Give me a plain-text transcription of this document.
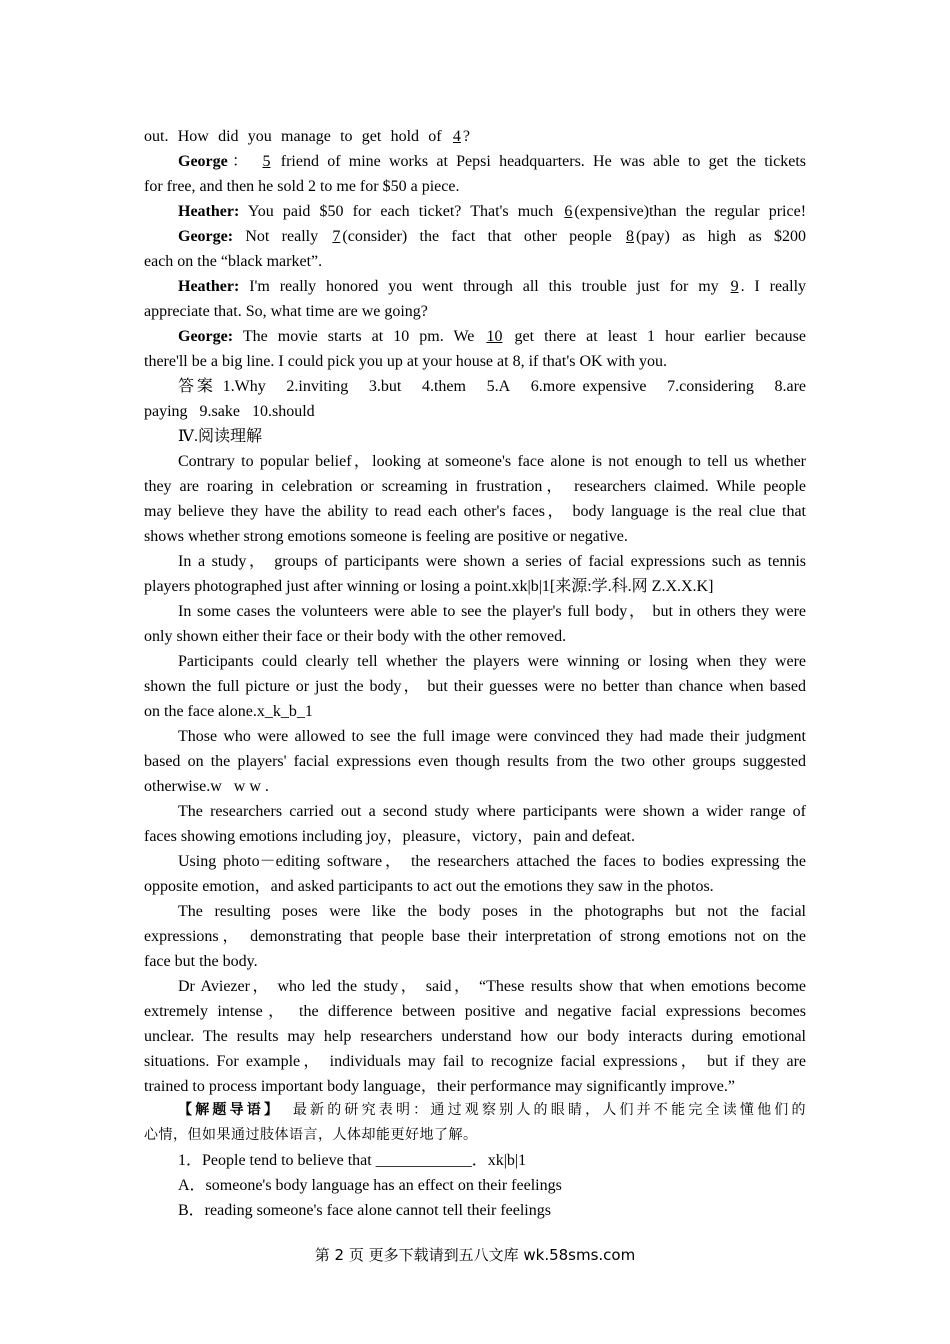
out. How did you manage to get hold of 4 ?
George： 5 friend of mine works at Pepsi headquarters. He was able to get the tickets
for free, and then he sold 2 to me for $50 a piece.
Heather: You paid $50 for each ticket? That's much 6 (expensive)than the regular price!
George: Not really 7 (consider) the fact that other people 8 (pay) as high as $200
each on the “black market”.
Heather: I'm really honored you went through all this trouble just for my 9 . I really
appreciate that. So, what time are we going?
George: The movie starts at 10 pm. We 10 get there at least 1 hour earlier because
there'll be a big line. I could pick you up at your house at 8, if that's OK with you.
答案 1.Why   2.inviting   3.but   4.them   5.A   6.more expensive   7.considering   8.are
paying   9.sake   10.should
Ⅳ.阅读理解
Contrary to popular belief，looking at someone's face alone is not enough to tell us whether
they are roaring in celebration or screaming in frustration， researchers claimed. While people
may believe they have the ability to read each other's faces， body language is the real clue that
shows whether strong emotions someone is feeling are positive or negative.
In a study， groups of participants were shown a series of facial expressions such as tennis
players photographed just after winning or losing a point.xk|b|1[来源:学.科.网 Z.X.X.K]
In some cases the volunteers were able to see the player's full body， but in others they were
only shown either their face or their body with the other removed.
Participants could clearly tell whether the players were winning or losing when they were
shown the full picture or just the body， but their guesses were no better than chance when based
on the face alone.x_k_b_1
Those who were allowed to see the full image were convinced they had made their judgment
based on the players' facial expressions even though results from the two other groups suggested
otherwise.w   w w .
The researchers carried out a second study where participants were shown a wider range of
faces showing emotions including joy，pleasure，victory，pain and defeat.
Using photo－editing software， the researchers attached the faces to bodies expressing the
opposite emotion，and asked participants to act out the emotions they saw in the photos.
The resulting poses were like the body poses in the photographs but not the facial
expressions， demonstrating that people base their interpretation of strong emotions not on the
face but the body.
Dr Aviezer， who led the study， said， “These results show that when emotions become
extremely intense， the difference between positive and negative facial expressions becomes
unclear. The results may help researchers understand how our body interacts during emotional
situations. For example， individuals may fail to recognize facial expressions， but if they are
trained to process important body language，their performance may significantly improve.”
【解题导语】 最新的研究表明：通过观察别人的眼睛，人们并不能完全读懂他们的
心情，但如果通过肢体语言，人体却能更好地了解。
1．People tend to believe that ____________．xk|b|1
A．someone's body language has an effect on their feelings
B．reading someone's face alone cannot tell their feelings
第 2 页 更多下载请到五八文库 wk.58sms.com
